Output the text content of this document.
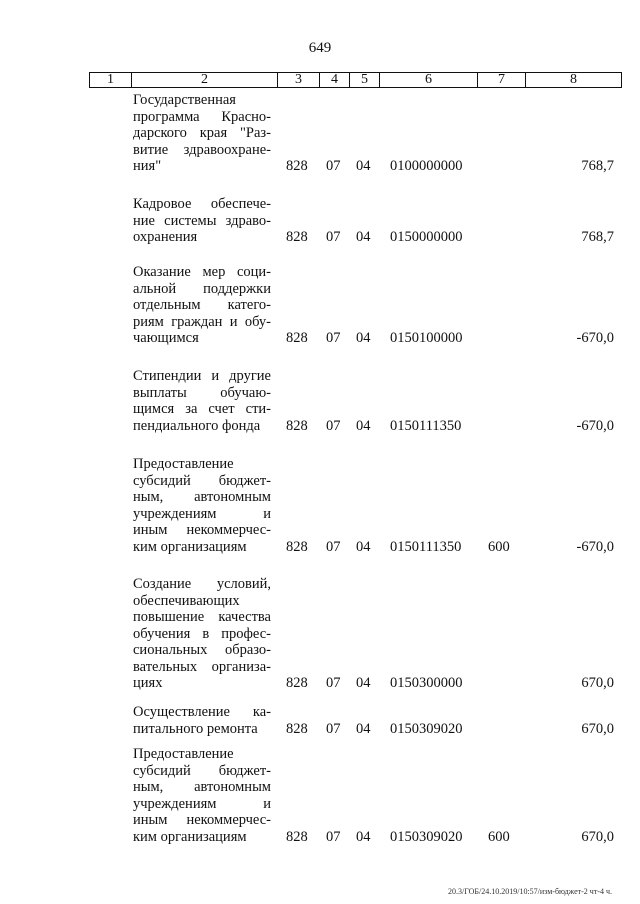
649
1	2	3	4	5	6	7	8
Государственная
программа Красно-
дарского края "Раз-
витие здравоохране-
ния"	828 07 04 0100000000	768,7
Кадровое обеспече-
ние системы здраво-
охранения	828 07 04 0150000000	768,7
Оказание мер соци-
альной поддержки
отдельным катего-
риям граждан и обу-
чающимся	828 07 04 0150100000	-670,0
Стипендии и другие
выплаты обучаю-
щимся за счет сти-
пендиального фонда	828 07 04 0150111350	-670,0
Предоставление
субсидий бюджет-
ным, автономным
учреждениям и
иным некоммерчес-
ким организациям	828 07 04 0150111350 600	-670,0
Создание условий,
обеспечивающих
повышение качества
обучения в профес-
сиональных образо-
вательных организа-
циях	828 07 04 0150300000	670,0
Осуществление ка-
питального ремонта	828 07 04 0150309020	670,0
Предоставление
субсидий бюджет-
ным, автономным
учреждениям и
иным некоммерчес-
ким организациям	828 07 04 0150309020 600	670,0
20.3/ГОБ/24.10.2019/10:57/изм-бюджет-2 чт-4 ч.
